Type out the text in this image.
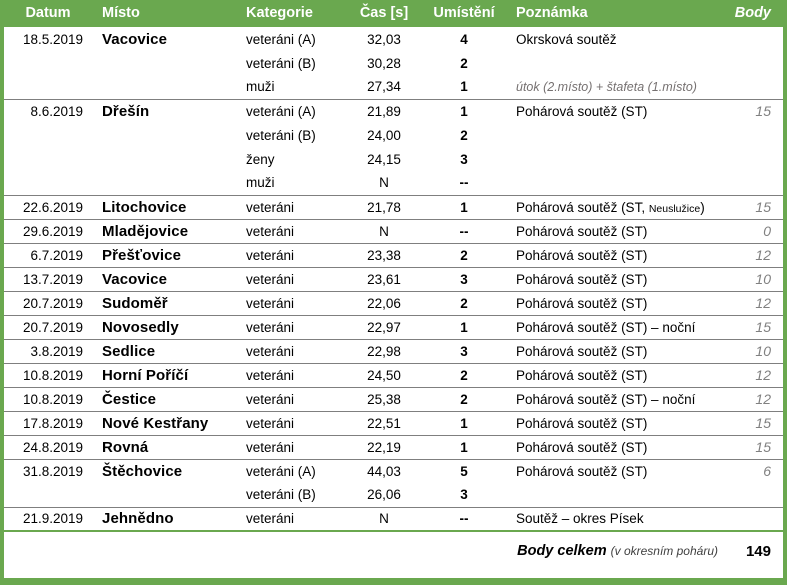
Datum	Místo	Kategorie	Čas [s]	Umístění	Poznámka	Body
18.5.2019	Vacovice	veteráni (A)	32,03	4	Okrsková soutěž	
		veteráni (B)	30,28	2		
		muži	27,34	1	útok (2.místo) + štafeta (1.místo)	
8.6.2019	Dřešín	veteráni (A)	21,89	1	Pohárová soutěž (ST)	15
		veteráni (B)	24,00	2		
		ženy	24,15	3		
		muži	N	--		
22.6.2019	Litochovice	veteráni	21,78	1	Pohárová soutěž (ST, Neuslužice)	15
29.6.2019	Mladějovice	veteráni	N	--	Pohárová soutěž (ST)	0
6.7.2019	Přešťovice	veteráni	23,38	2	Pohárová soutěž (ST)	12
13.7.2019	Vacovice	veteráni	23,61	3	Pohárová soutěž (ST)	10
20.7.2019	Sudoměř	veteráni	22,06	2	Pohárová soutěž (ST)	12
20.7.2019	Novosedly	veteráni	22,97	1	Pohárová soutěž (ST) – noční	15
3.8.2019	Sedlice	veteráni	22,98	3	Pohárová soutěž (ST)	10
10.8.2019	Horní Poříčí	veteráni	24,50	2	Pohárová soutěž (ST)	12
10.8.2019	Čestice	veteráni	25,38	2	Pohárová soutěž (ST) – noční	12
17.8.2019	Nové Kestřany	veteráni	22,51	1	Pohárová soutěž (ST)	15
24.8.2019	Rovná	veteráni	22,19	1	Pohárová soutěž (ST)	15
31.8.2019	Štěchovice	veteráni (A)	44,03	5	Pohárová soutěž (ST)	6
		veteráni (B)	26,06	3		
21.9.2019	Jehnědno	veteráni	N	--	Soutěž – okres Písek	
Body celkem (v okresním poháru)						149
